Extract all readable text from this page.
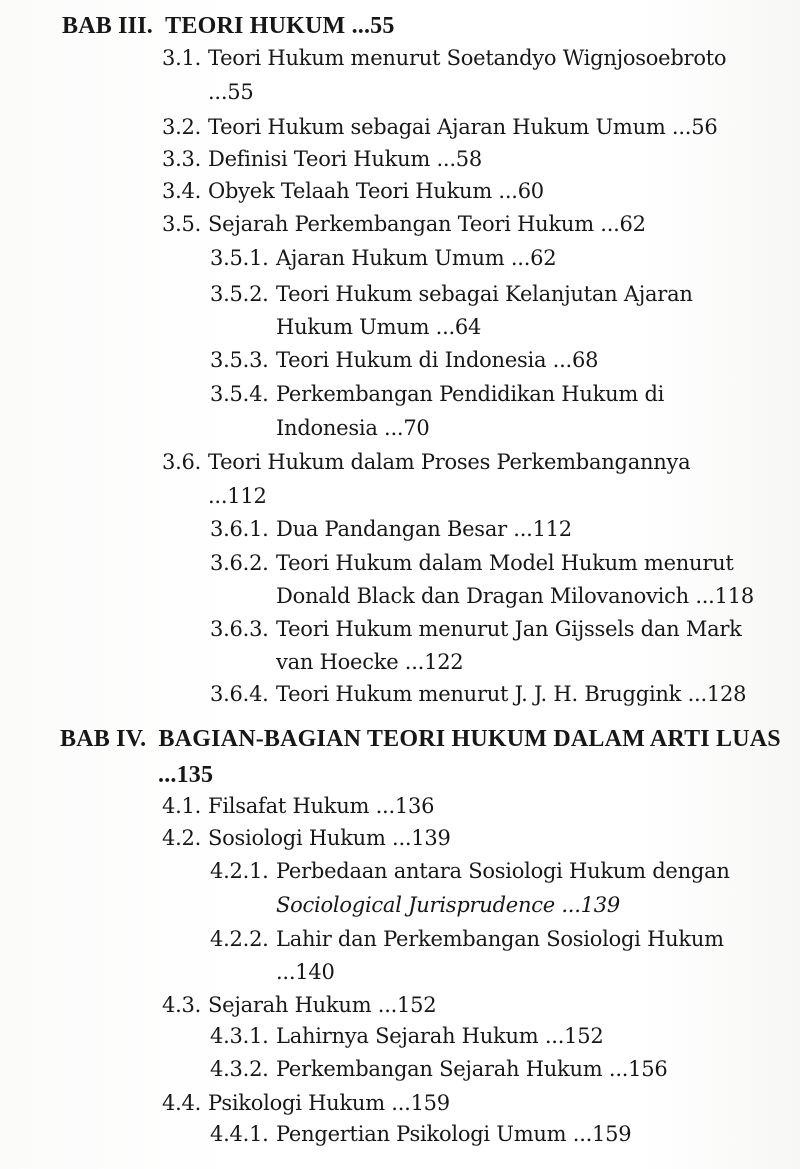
BAB III. TEORI HUKUM ...55
3.1. Teori Hukum menurut Soetandyo Wignjosoebroto
...55
3.2. Teori Hukum sebagai Ajaran Hukum Umum ...56
3.3. Definisi Teori Hukum ...58
3.4. Obyek Telaah Teori Hukum ...60
3.5. Sejarah Perkembangan Teori Hukum ...62
3.5.1. Ajaran Hukum Umum ...62
3.5.2. Teori Hukum sebagai Kelanjutan Ajaran
Hukum Umum ...64
3.5.3. Teori Hukum di Indonesia ...68
3.5.4. Perkembangan Pendidikan Hukum di
Indonesia ...70
3.6. Teori Hukum dalam Proses Perkembangannya
...112
3.6.1. Dua Pandangan Besar ...112
3.6.2. Teori Hukum dalam Model Hukum menurut
Donald Black dan Dragan Milovanovich ...118
3.6.3. Teori Hukum menurut Jan Gijssels dan Mark
van Hoecke ...122
3.6.4. Teori Hukum menurut J. J. H. Bruggink ...128
BAB IV. BAGIAN-BAGIAN TEORI HUKUM DALAM ARTI LUAS
...135
4.1. Filsafat Hukum ...136
4.2. Sosiologi Hukum ...139
4.2.1. Perbedaan antara Sosiologi Hukum dengan
Sociological Jurisprudence ...139
4.2.2. Lahir dan Perkembangan Sosiologi Hukum
...140
4.3. Sejarah Hukum ...152
4.3.1. Lahirnya Sejarah Hukum ...152
4.3.2. Perkembangan Sejarah Hukum ...156
4.4. Psikologi Hukum ...159
4.4.1. Pengertian Psikologi Umum ...159
